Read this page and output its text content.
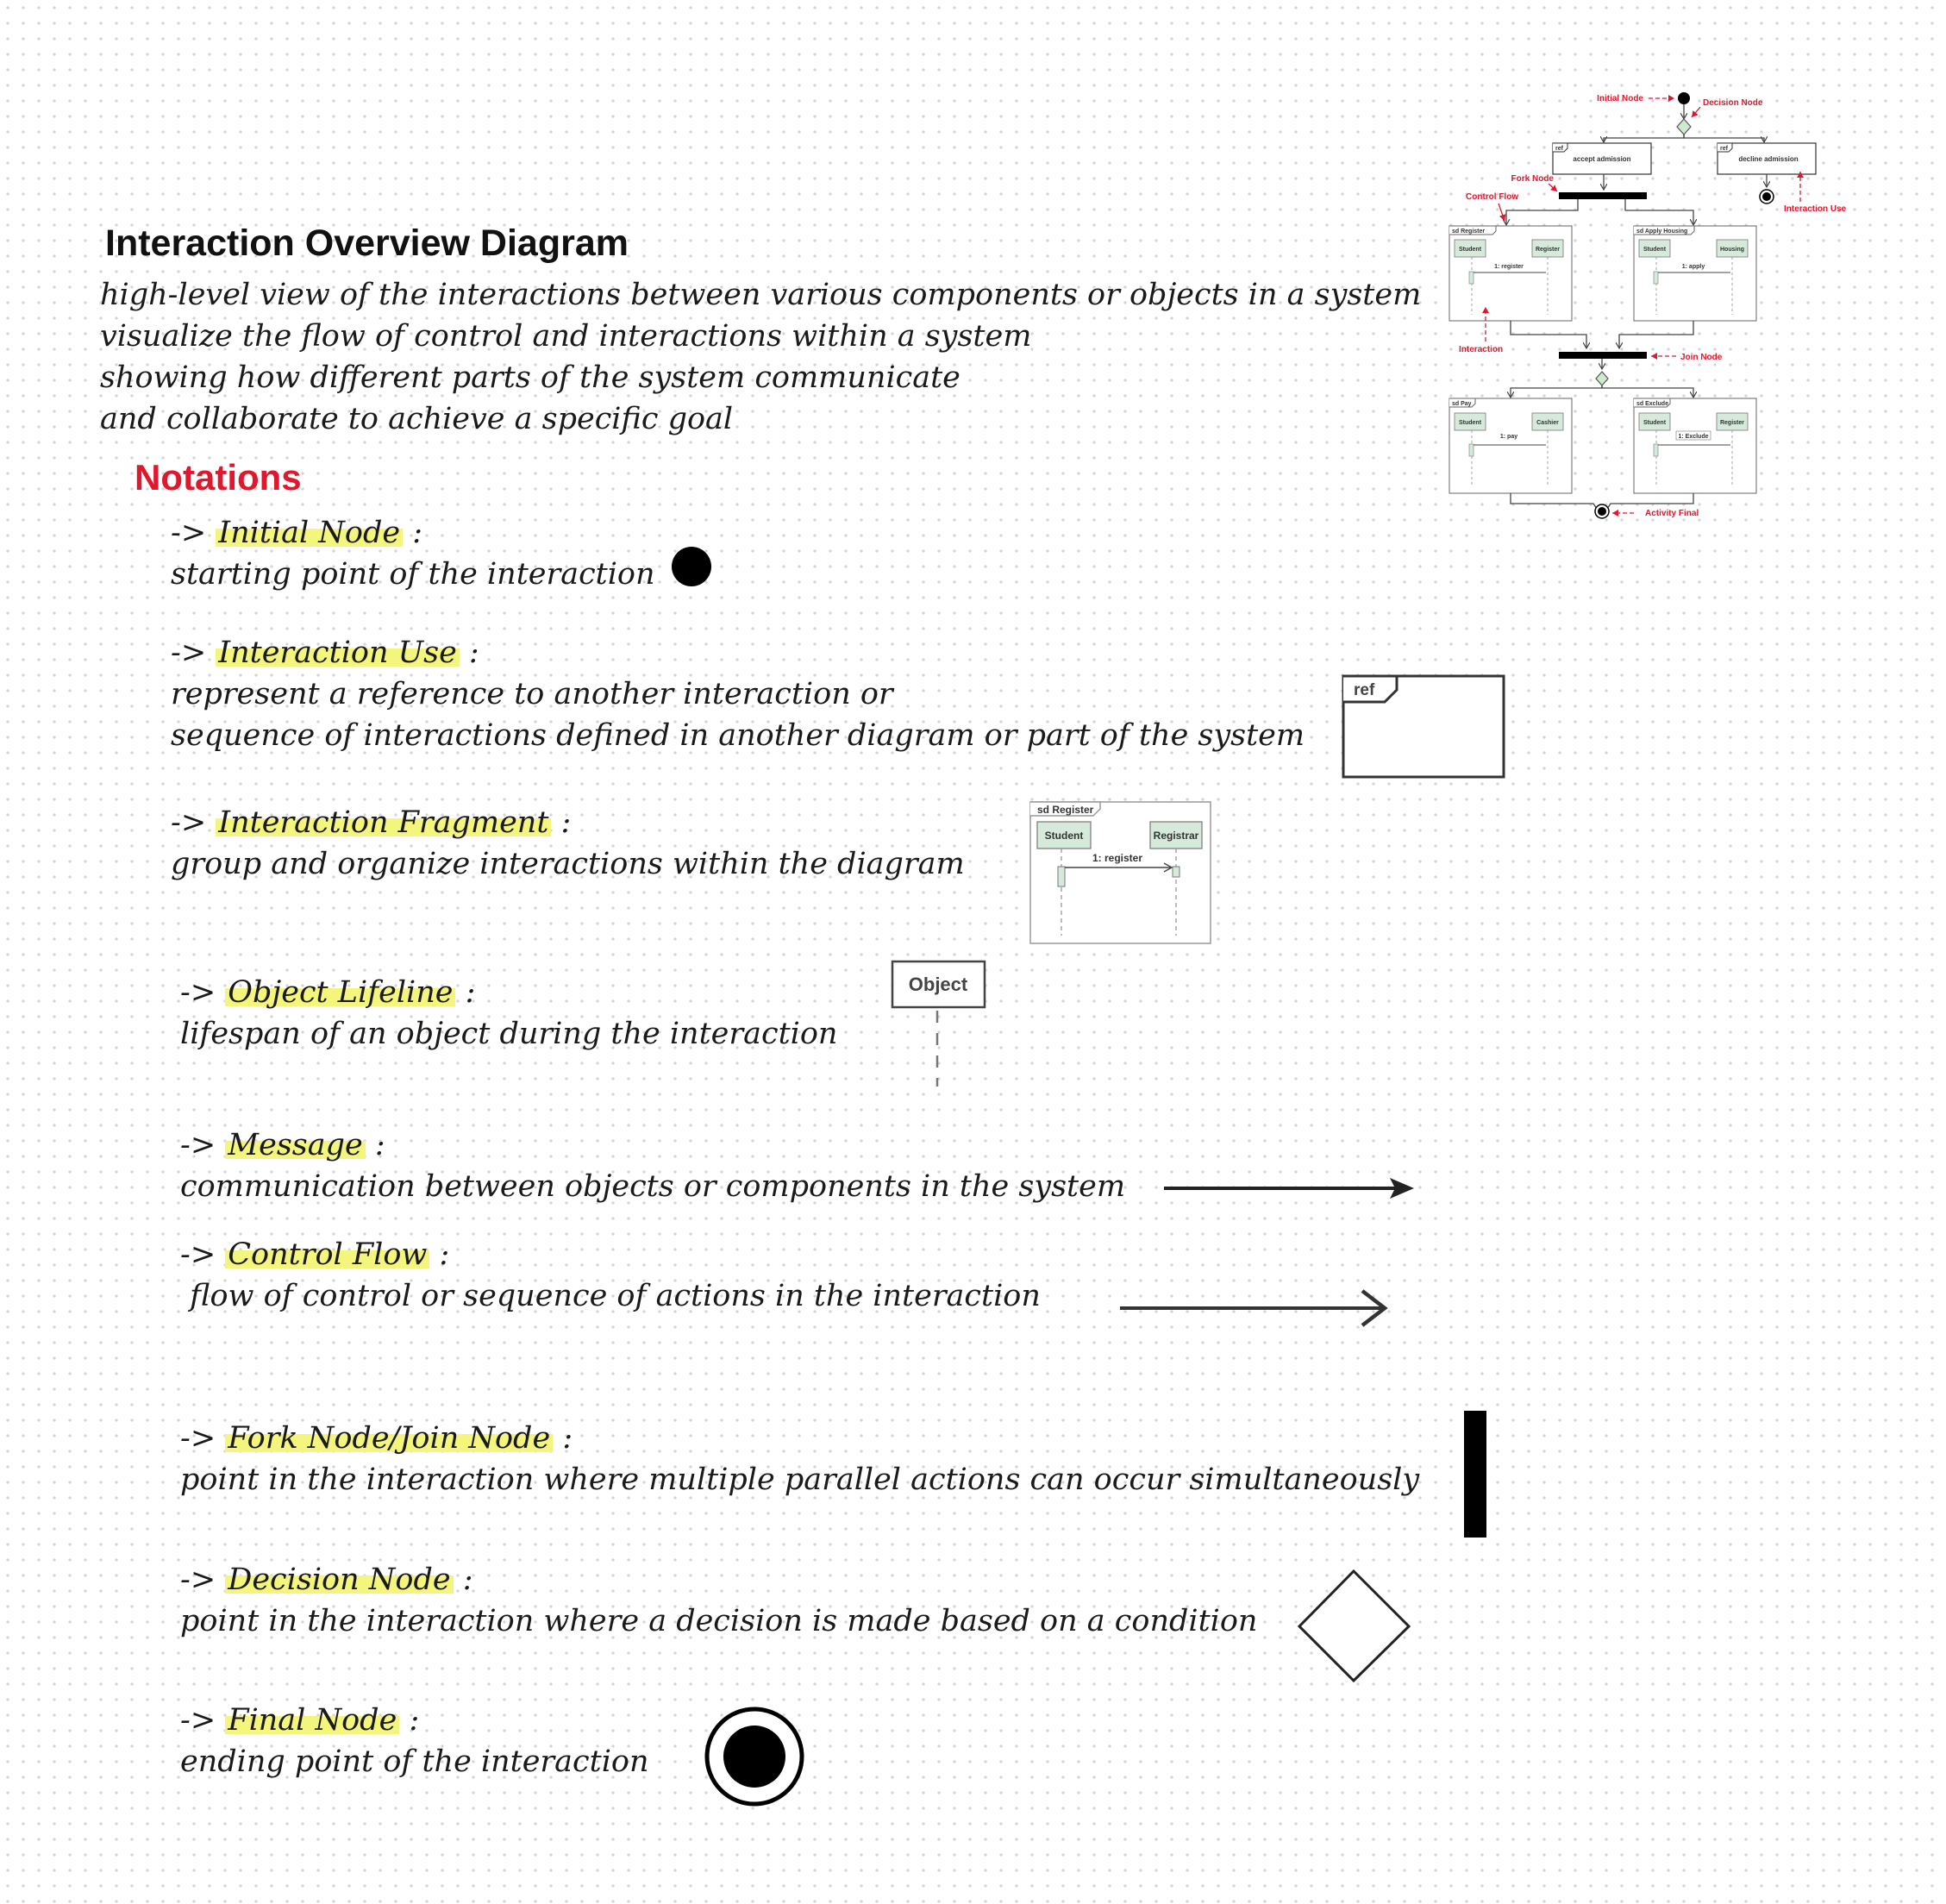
Interaction Overview Diagram
high-level view of the interactions between various components or objects in a system
visualize the flow of control and interactions within a system
showing how different parts of the system communicate
and collaborate to achieve a specific goal
Notations
-> Initial Node :
starting point of the interaction
-> Interaction Use :
represent a reference to another interaction or
sequence of interactions defined in another diagram or part of the system
-> Interaction Fragment :
group and organize interactions within the diagram
-> Object Lifeline :
lifespan of an object during the interaction
-> Message :
communication between objects or components in the system
-> Control Flow :
flow of control or sequence of actions in the interaction
-> Fork Node/Join Node :
point in the interaction where multiple parallel actions can occur simultaneously
-> Decision Node :
point in the interaction where a decision is made based on a condition
-> Final Node :
ending point of the interaction
ref
sd Register
Student	Registrar
1: register
Object
ref
accept admission
ref
decline admission
sd Register
Student	Register
1: register
sd Apply Housing
Student	Housing
1: apply
sd Pay
Student	Cashier
1: pay
sd Exclude
Student	Register
1: Exclude
Initial Node	Decision Node
Fork Node
Control Flow
Interaction Use
Interaction
Join Node
Activity Final
